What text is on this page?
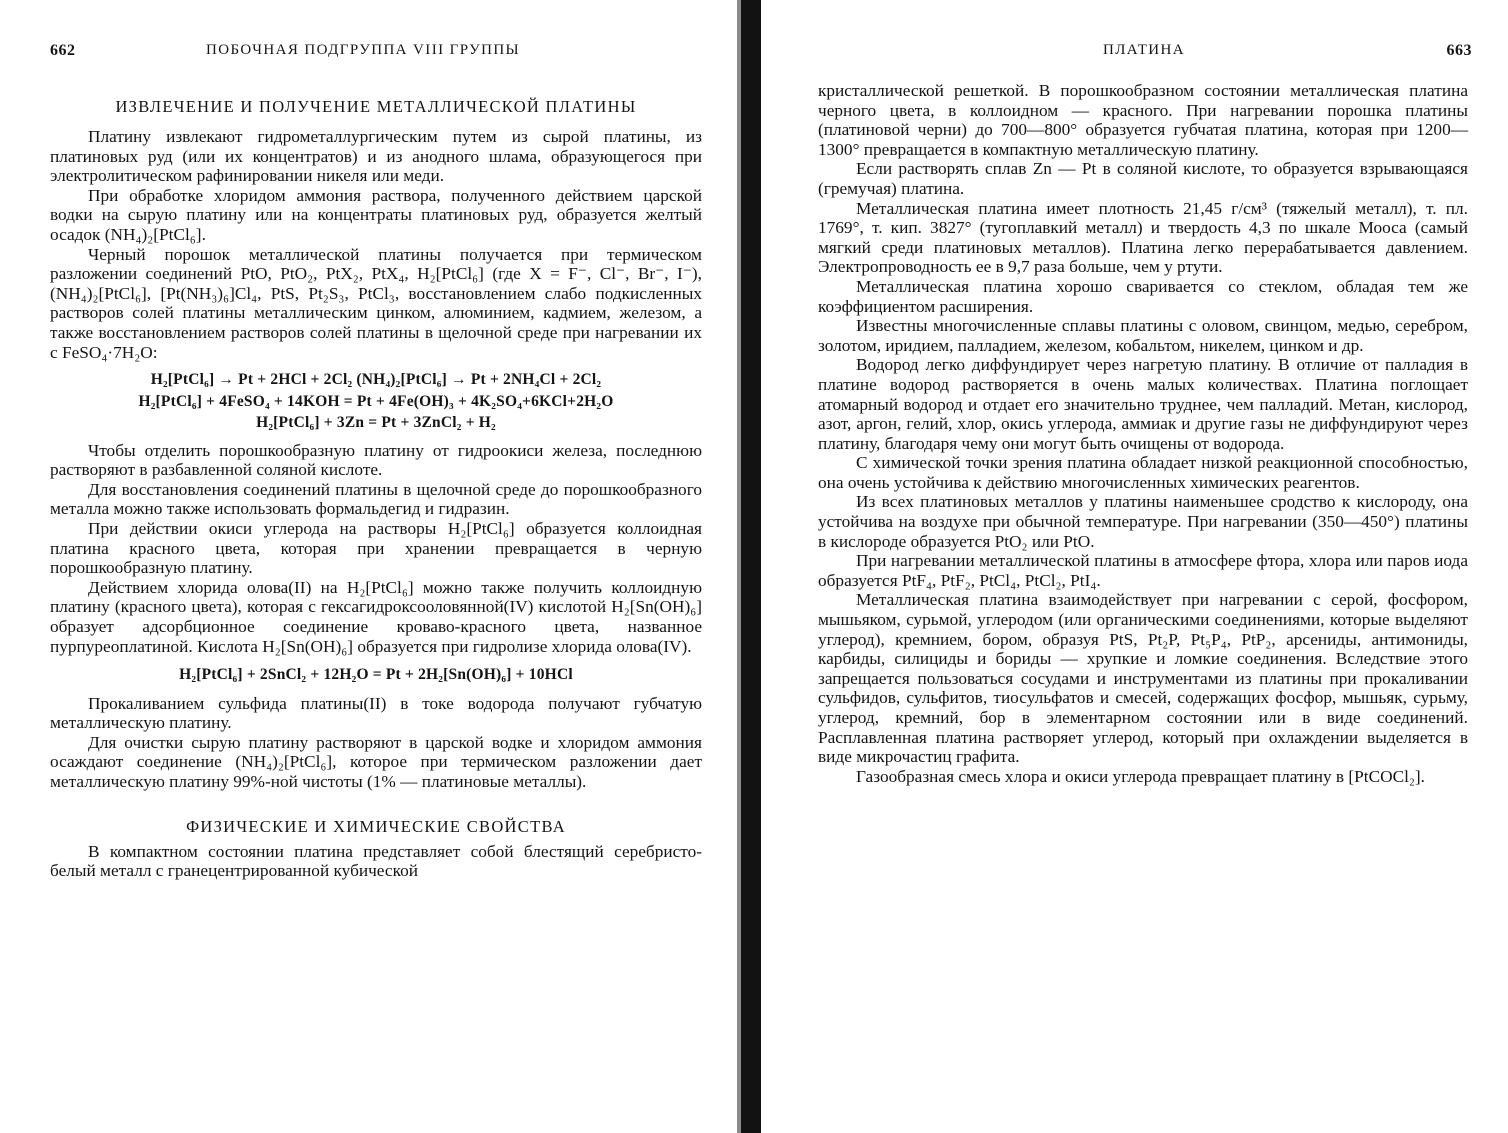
662	ПОБОЧНАЯ ПОДГРУППА VIII ГРУППЫ
ИЗВЛЕЧЕНИЕ И ПОЛУЧЕНИЕ МЕТАЛЛИЧЕСКОЙ ПЛАТИНЫ

Платину извлекают гидрометаллургическим путем из сырой платины, из платиновых руд (или их концентратов) и из анодного шлама, образующегося при электролитическом рафинировании никеля или меди.

При обработке хлоридом аммония раствора, полученного действием царской водки на сырую платину или на концентраты платиновых руд, образуется желтый осадок (NH₄)₂[PtCl₆].

Черный порошок металлической платины получается при термическом разложении соединений PtO, PtO₂, PtX₂, PtX₄, H₂[PtCl₆] (где X = F⁻, Cl⁻, Br⁻, I⁻), (NH₄)₂[PtCl₆], [Pt(NH₃)₆]Cl₄, PtS, Pt₂S₃, PtCl₃, восстановлением слабо подкисленных растворов солей платины металлическим цинком, алюминием, кадмием, железом, а также восстановлением растворов солей платины в щелочной среде при нагревании их с FeSO₄·7H₂O:

H₂[PtCl₆] → Pt + 2HCl + 2Cl₂ (NH₄)₂[PtCl₆] → Pt + 2NH₄Cl + 2Cl₂
H₂[PtCl₆] + 4FeSO₄ + 14KOH = Pt + 4Fe(OH)₃ + 4K₂SO₄+6KCl+2H₂O
H₂[PtCl₆] + 3Zn = Pt + 3ZnCl₂ + H₂

Чтобы отделить порошкообразную платину от гидроокиси железа, последнюю растворяют в разбавленной соляной кислоте.

Для восстановления соединений платины в щелочной среде до порошкообразного металла можно также использовать формальдегид и гидразин.

При действии окиси углерода на растворы H₂[PtCl₆] образуется коллоидная платина красного цвета, которая при хранении превращается в черную порошкообразную платину.

Действием хлорида олова(II) на H₂[PtCl₆] можно также получить коллоидную платину (красного цвета), которая с гексагидроксооловянной(IV) кислотой H₂[Sn(OH)₆] образует адсорбционное соединение кроваво-красного цвета, названное пурпуреоплатиной. Кислота H₂[Sn(OH)₆] образуется при гидролизе хлорида олова(IV).

H₂[PtCl₆] + 2SnCl₂ + 12H₂O = Pt + 2H₂[Sn(OH)₆] + 10HCl

Прокаливанием сульфида платины(II) в токе водорода получают губчатую металлическую платину.

Для очистки сырую платину растворяют в царской водке и хлоридом аммония осаждают соединение (NH₄)₂[PtCl₆], которое при термическом разложении дает металлическую платину 99%-ной чистоты (1% — платиновые металлы).

ФИЗИЧЕСКИЕ И ХИМИЧЕСКИЕ СВОЙСТВА

В компактном состоянии платина представляет собой блестящий серебристо-белый металл с гранецентрированной кубической

ПЛАТИНА	663

кристаллической решеткой. В порошкообразном состоянии металлическая платина черного цвета, в коллоидном — красного. При нагревании порошка платины (платиновой черни) до 700—800° образуется губчатая платина, которая при 1200—1300° превращается в компактную металлическую платину.

Если растворять сплав Zn — Pt в соляной кислоте, то образуется взрывающаяся (гремучая) платина.

Металлическая платина имеет плотность 21,45 г/см³ (тяжелый металл), т. пл. 1769°, т. кип. 3827° (тугоплавкий металл) и твердость 4,3 по шкале Мооса (самый мягкий среди платиновых металлов). Платина легко перерабатывается давлением. Электропроводность ее в 9,7 раза больше, чем у ртути.

Металлическая платина хорошо сваривается со стеклом, обладая тем же коэффициентом расширения.

Известны многочисленные сплавы платины с оловом, свинцом, медью, серебром, золотом, иридием, палладием, железом, кобальтом, никелем, цинком и др.

Водород легко диффундирует через нагретую платину. В отличие от палладия в платине водород растворяется в очень малых количествах. Платина поглощает атомарный водород и отдает его значительно труднее, чем палладий. Метан, кислород, азот, аргон, гелий, хлор, окись углерода, аммиак и другие газы не диффундируют через платину, благодаря чему они могут быть очищены от водорода.

С химической точки зрения платина обладает низкой реакционной способностью, она очень устойчива к действию многочисленных химических реагентов.

Из всех платиновых металлов у платины наименьшее сродство к кислороду, она устойчива на воздухе при обычной температуре. При нагревании (350—450°) платины в кислороде образуется PtO₂ или PtO.

При нагревании металлической платины в атмосфере фтора, хлора или паров иода образуется PtF₄, PtF₂, PtCl₄, PtCl₂, PtI₄.

Металлическая платина взаимодействует при нагревании с серой, фосфором, мышьяком, сурьмой, углеродом (или органическими соединениями, которые выделяют углерод), кремнием, бором, образуя PtS, Pt₂P, Pt₅P₄, PtP₂, арсениды, антимониды, карбиды, силициды и бориды — хрупкие и ломкие соединения. Вследствие этого запрещается пользоваться сосудами и инструментами из платины при прокаливании сульфидов, сульфитов, тиосульфатов и смесей, содержащих фосфор, мышьяк, сурьму, углерод, кремний, бор в элементарном состоянии или в виде соединений. Расплавленная платина растворяет углерод, который при охлаждении выделяется в виде микрочастиц графита.

Газообразная смесь хлора и окиси углерода превращает платину в [PtCOCl₂].
